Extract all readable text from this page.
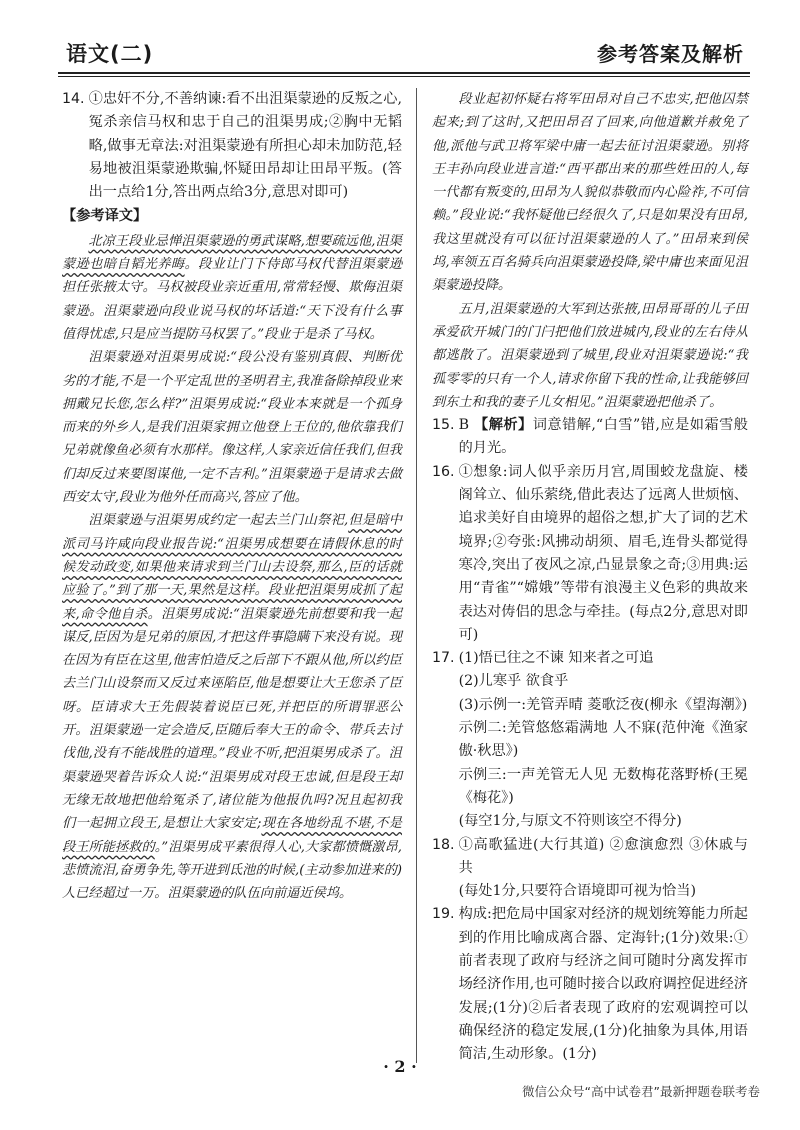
语文(二)	参考答案及解析
14. ①忠奸不分,不善纳谏:看不出沮渠蒙逊的反叛之心,冤杀亲信马权和忠于自己的沮渠男成;②胸中无韬略,做事无章法:对沮渠蒙逊有所担心却未加防范,轻易地被沮渠蒙逊欺骗,怀疑田昂却让田昂平叛。(答出一点给1分,答出两点给3分,意思对即可)
【参考译文】

北凉王段业忌惮沮渠蒙逊的勇武谋略,想要疏远他,沮渠蒙逊也暗自韬光养晦。段业让门下侍郎马权代替沮渠蒙逊担任张掖太守。马权被段业亲近重用,常常轻慢、欺侮沮渠蒙逊。沮渠蒙逊向段业说马权的坏话道:“天下没有什么事值得忧虑,只是应当提防马权罢了。”段业于是杀了马权。

沮渠蒙逊对沮渠男成说:“段公没有鉴别真假、判断优劣的才能,不是一个平定乱世的圣明君主,我准备除掉段业来拥戴兄长您,怎么样?”沮渠男成说:“段业本来就是一个孤身而来的外乡人,是我们沮渠家拥立他登上王位的,他依靠我们兄弟就像鱼必须有水那样。像这样,人家亲近信任我们,但我们却反过来要图谋他,一定不吉利。”沮渠蒙逊于是请求去做西安太守,段业为他外任而高兴,答应了他。

沮渠蒙逊与沮渠男成约定一起去兰门山祭祀,但是暗中派司马许咸向段业报告说:“沮渠男成想要在请假休息的时候发动政变,如果他来请求到兰门山去设祭,那么,臣的话就应验了。”到了那一天,果然是这样。段业把沮渠男成抓了起来,命令他自杀。沮渠男成说:“沮渠蒙逊先前想要和我一起谋反,臣因为是兄弟的原因,才把这件事隐瞒下来没有说。现在因为有臣在这里,他害怕造反之后部下不跟从他,所以约臣去兰门山设祭而又反过来诬陷臣,他是想要让大王您杀了臣呀。臣请求大王先假装着说臣已死,并把臣的所谓罪恶公开。沮渠蒙逊一定会造反,臣随后奉大王的命令、带兵去讨伐他,没有不能战胜的道理。”段业不听,把沮渠男成杀了。沮渠蒙逊哭着告诉众人说:“沮渠男成对段王忠诚,但是段王却无缘无故地把他给冤杀了,诸位能为他报仇吗?况且起初我们一起拥立段王,是想让大家安定;现在各地纷乱不堪,不是段王所能拯救的。”沮渠男成平素很得人心,大家都愤慨激昂,悲愤流泪,奋勇争先,等开进到氐池的时候,(主动参加进来的)人已经超过一万。沮渠蒙逊的队伍向前逼近侯坞。

段业起初怀疑右将军田昂对自己不忠实,把他囚禁起来;到了这时,又把田昂召了回来,向他道歉并赦免了他,派他与武卫将军梁中庸一起去征讨沮渠蒙逊。别将王丰孙向段业进言道:“西平郡出来的那些姓田的人,每一代都有叛变的,田昂为人貌似恭敬而内心险祚,不可信赖。”段业说:“我怀疑他已经很久了,只是如果没有田昂,我这里就没有可以征讨沮渠蒙逊的人了。”田昂来到侯坞,率领五百名骑兵向沮渠蒙逊投降,梁中庸也来面见沮渠蒙逊投降。

五月,沮渠蒙逊的大军到达张掖,田昂哥哥的儿子田承爱砍开城门的门闩把他们放进城内,段业的左右侍从都逃散了。沮渠蒙逊到了城里,段业对沮渠蒙逊说:“我孤零零的只有一个人,请求你留下我的性命,让我能够回到东土和我的妻子儿女相见。”沮渠蒙逊把他杀了。

15. B 【解析】词意错解,“白雪”错,应是如霜雪般的月光。
16. ①想象:词人似乎亲历月宫,周围蛟龙盘旋、楼阁耸立、仙乐萦绕,借此表达了远离人世烦恼、追求美好自由境界的超俗之想,扩大了词的艺术境界;②夸张:风拂动胡须、眉毛,连骨头都觉得寒冷,突出了夜风之凉,凸显景象之奇;③用典:运用“青雀”“嫦娥”等带有浪漫主义色彩的典故来表达对俦侣的思念与牵挂。(每点2分,意思对即可)
17. (1)悟已往之不谏 知来者之可追
(2)儿寒乎 欲食乎
(3)示例一:羌管弄晴 菱歌泛夜(柳永《望海潮》)
示例二:羌管悠悠霜满地 人不寐(范仲淹《渔家傲·秋思》)
示例三:一声羌管无人见 无数梅花落野桥(王冕《梅花》)
(每空1分,与原文不符则该空不得分)
18. ①高歌猛进(大行其道) ②愈演愈烈 ③休戚与共
(每处1分,只要符合语境即可视为恰当)
19. 构成:把危局中国家对经济的规划统筹能力所起到的作用比喻成离合器、定海针;(1分)效果:①前者表现了政府与经济之间可随时分离发挥市场经济作用,也可随时接合以政府调控促进经济发展;(1分)②后者表现了政府的宏观调控可以确保经济的稳定发展,(1分)化抽象为具体,用语简洁,生动形象。(1分)
· 2 ·
微信公众号“高中试卷君”最新押题卷联考卷
